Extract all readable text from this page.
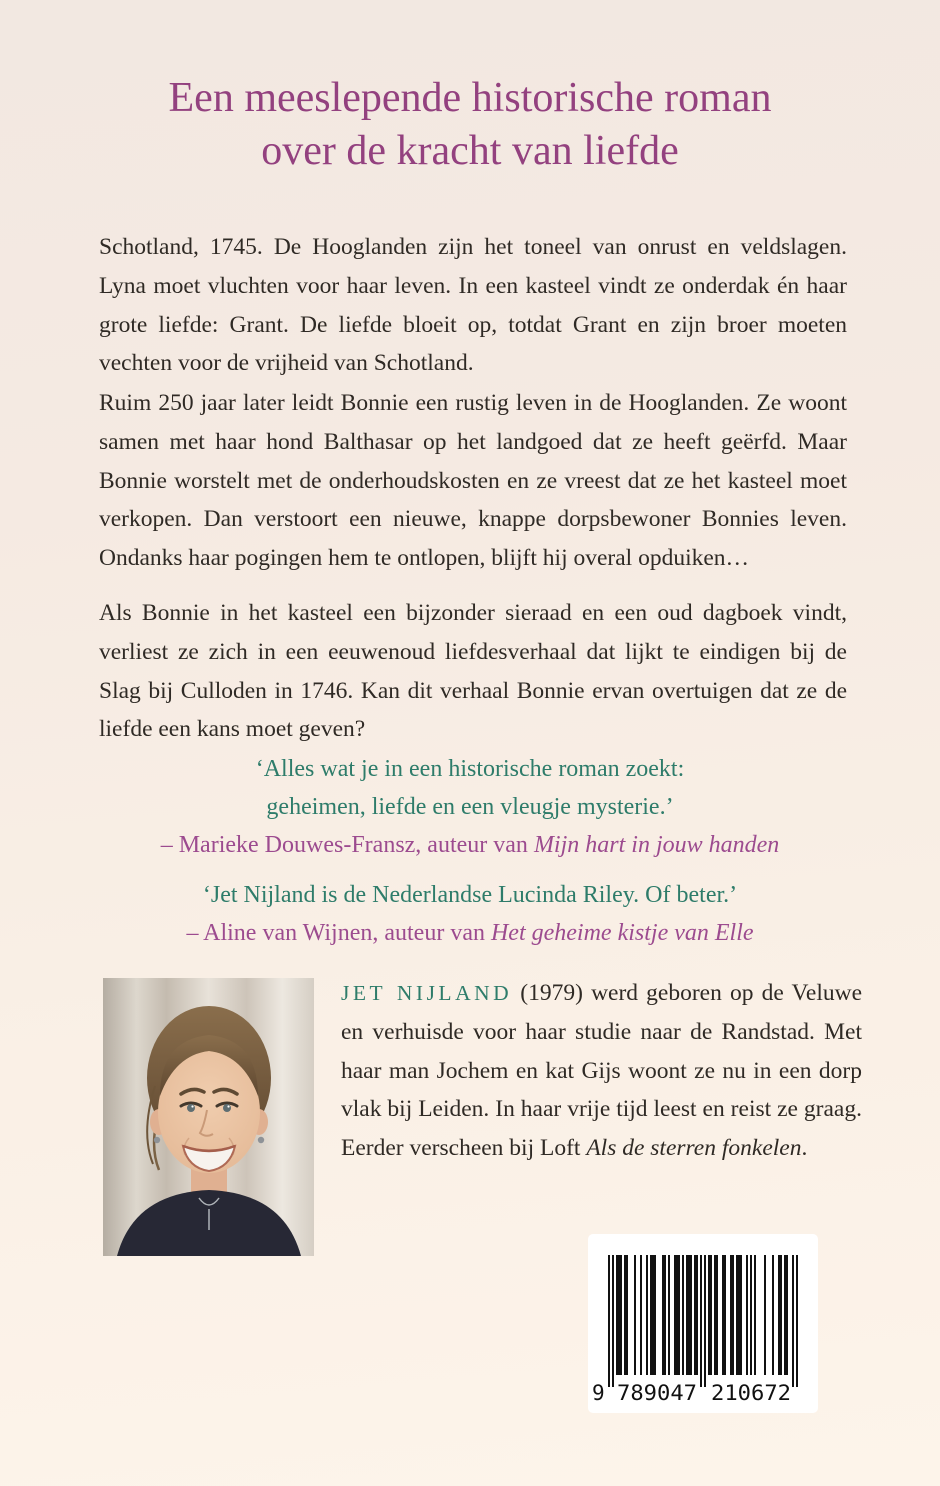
Een meeslepende historische roman
over de kracht van liefde

Schotland, 1745. De Hooglanden zijn het toneel van onrust en veldslagen. Lyna moet vluchten voor haar leven. In een kasteel vindt ze onderdak én haar grote liefde: Grant. De liefde bloeit op, totdat Grant en zijn broer moeten vechten voor de vrijheid van Schotland.

Ruim 250 jaar later leidt Bonnie een rustig leven in de Hooglanden. Ze woont samen met haar hond Balthasar op het landgoed dat ze heeft geërfd. Maar Bonnie worstelt met de onderhoudskosten en ze vreest dat ze het kasteel moet verkopen. Dan verstoort een nieuwe, knappe dorpsbewoner Bonnies leven. Ondanks haar pogingen hem te ontlopen, blijft hij overal opduiken…

Als Bonnie in het kasteel een bijzonder sieraad en een oud dagboek vindt, verliest ze zich in een eeuwenoud liefdesverhaal dat lijkt te eindigen bij de Slag bij Culloden in 1746. Kan dit verhaal Bonnie ervan overtuigen dat ze de liefde een kans moet geven?

‘Alles wat je in een historische roman zoekt:
geheimen, liefde en een vleugje mysterie.’
– Marieke Douwes-Fransz, auteur van Mijn hart in jouw handen
‘Jet Nijland is de Nederlandse Lucinda Riley. Of beter.’
– Aline van Wijnen, auteur van Het geheime kistje van Elle
JET NIJLAND (1979) werd geboren op de Veluwe en verhuisde voor haar studie naar de Randstad. Met haar man Jochem en kat Gijs woont ze nu in een dorp vlak bij Leiden. In haar vrije tijd leest en reist ze graag. Eerder verscheen bij Loft Als de sterren fonkelen.
9 789047 210672
